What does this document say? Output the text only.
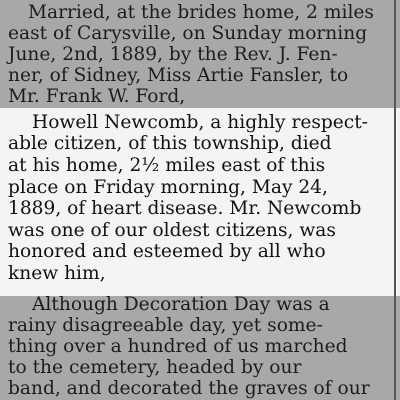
Married, at the brides home, 2 miles
east of Carysville, on Sunday morning
June, 2nd, 1889, by the Rev. J. Fen-
ner, of Sidney, Miss Artie Fansler, to
Mr. Frank W. Ford,
Howell Newcomb, a highly respect-
able citizen, of this township, died
at his home, 2½ miles east of this
place on Friday morning, May 24,
1889, of heart disease. Mr. Newcomb
was one of our oldest citizens, was
honored and esteemed by all who
knew him,
Although Decoration Day was a
rainy disagreeable day, yet some-
thing over a hundred of us marched
to the cemetery, headed by our
band, and decorated the graves of our
